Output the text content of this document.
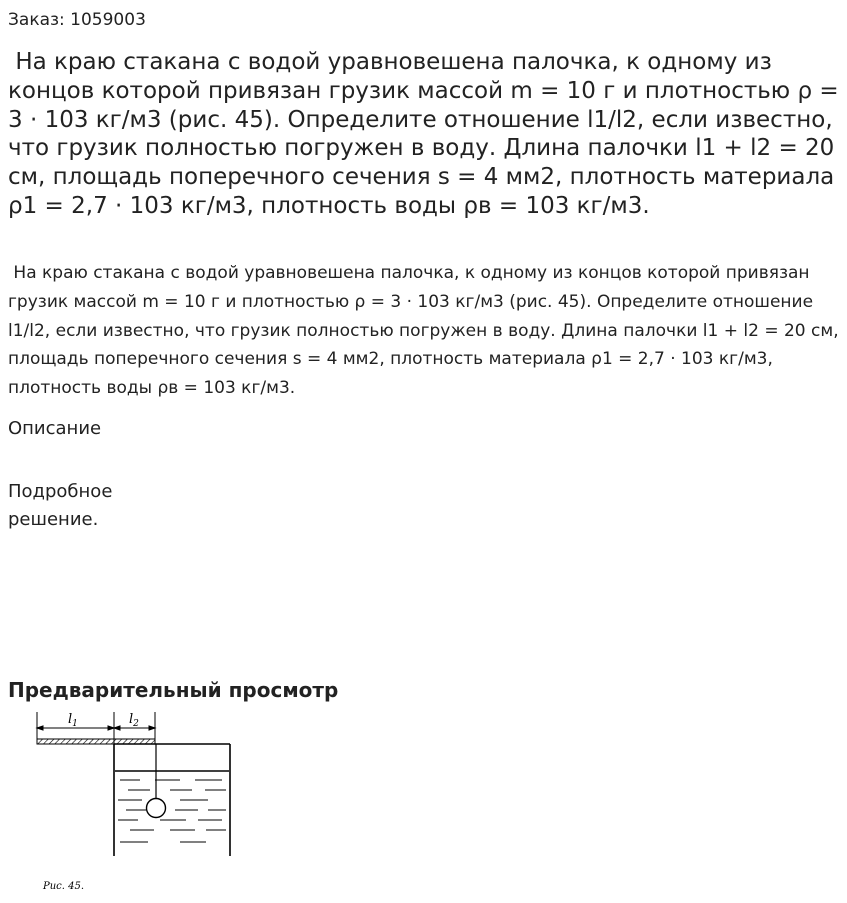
Заказ: 1059003

На краю стакана с водой уравновешена палочка, к одному из концов которой привязан грузик массой m = 10 г и плотностью ρ = 3 · 103 кг/м3 (рис. 45). Определите отношение l1/l2, если известно, что грузик полностью погружен в воду. Длина палочки l1 + l2 = 20 см, площадь поперечного сечения s = 4 мм2, плотность материала ρ1 = 2,7 · 103 кг/м3, плотность воды ρв = 103 кг/м3.

На краю стакана с водой уравновешена палочка, к одному из концов которой привязан грузик массой m = 10 г и плотностью ρ = 3 · 103 кг/м3 (рис. 45). Определите отношение l1/l2, если известно, что грузик полностью погружен в воду. Длина палочки l1 + l2 = 20 см, площадь поперечного сечения s = 4 мм2, плотность материала ρ1 = 2,7 · 103 кг/м3, плотность воды ρв = 103 кг/м3.

Описание

Подробное решение.

Предварительный просмотр

$l_1$	$l_2$
Рис. 45.
